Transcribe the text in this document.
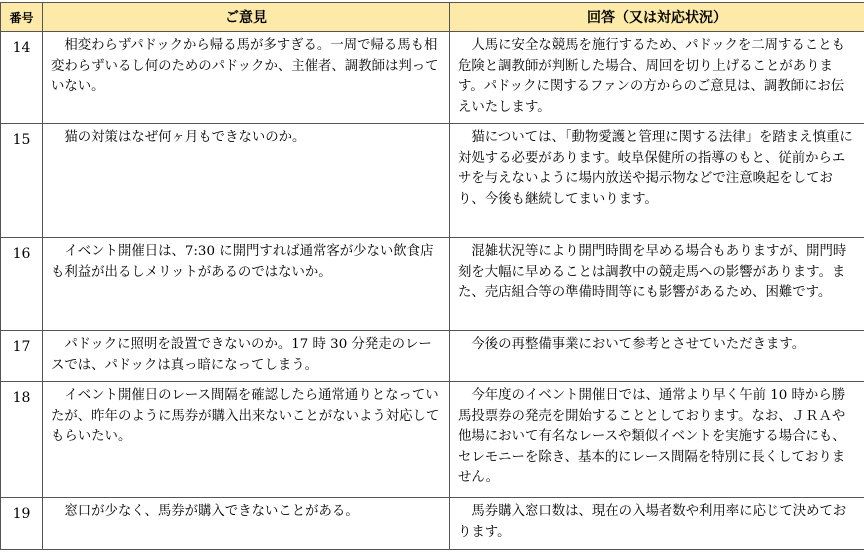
番号	ご意見	回答（又は対応状況）
14	相変わらずパドックから帰る馬が多すぎる。一周で帰る馬も相変わらずいるし何のためのパドックか、主催者、調教師は判っていない。	人馬に安全な競馬を施行するため、パドックを二周することも危険と調教師が判断した場合、周回を切り上げることがあります。パドックに関するファンの方からのご意見は、調教師にお伝えいたします。
15	猫の対策はなぜ何ヶ月もできないのか。	猫については、「動物愛護と管理に関する法律」を踏まえ慎重に対処する必要があります。岐阜保健所の指導のもと、従前からエサを与えないように場内放送や掲示物などで注意喚起をしており、今後も継続してまいります。
16	イベント開催日は、7:30 に開門すれば通常客が少ない飲食店も利益が出るしメリットがあるのではないか。	混雑状況等により開門時間を早める場合もありますが、開門時刻を大幅に早めることは調教中の競走馬への影響があります。また、売店組合等の準備時間等にも影響があるため、困難です。
17	パドックに照明を設置できないのか。17 時 30 分発走のレースでは、パドックは真っ暗になってしまう。	今後の再整備事業において参考とさせていただきます。
18	イベント開催日のレース間隔を確認したら通常通りとなっていたが、昨年のように馬券が購入出来ないことがないよう対応してもらいたい。	今年度のイベント開催日では、通常より早く午前 10 時から勝馬投票券の発売を開始することとしております。なお、ＪＲＡや他場において有名なレースや類似イベントを実施する場合にも、セレモニーを除き、基本的にレース間隔を特別に長くしておりません。
19	窓口が少なく、馬券が購入できないことがある。	馬券購入窓口数は、現在の入場者数や利用率に応じて決めております。
